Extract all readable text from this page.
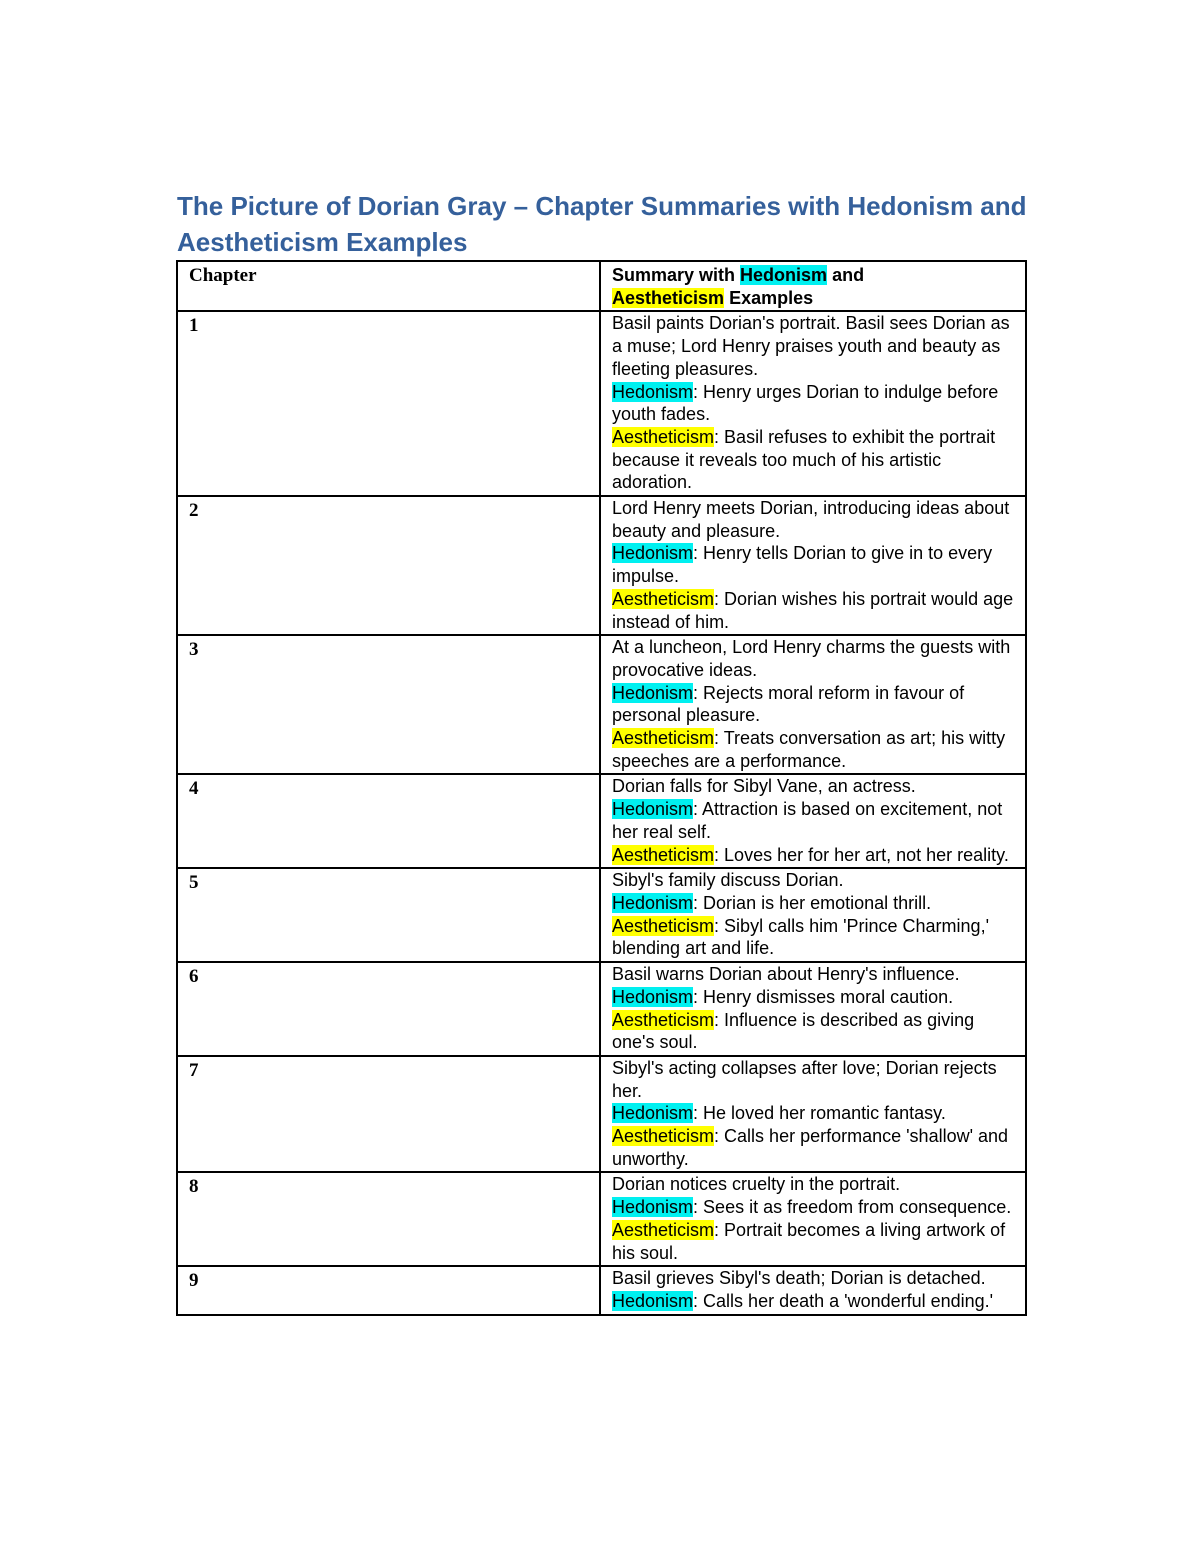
The Picture of Dorian Gray – Chapter Summaries with Hedonism and Aestheticism Examples
Chapter	Summary with Hedonism and
Aestheticism Examples
1	Basil paints Dorian's portrait. Basil sees Dorian as a muse; Lord Henry praises youth and beauty as fleeting pleasures.
Hedonism: Henry urges Dorian to indulge before youth fades.
Aestheticism: Basil refuses to exhibit the portrait because it reveals too much of his artistic adoration.

2	Lord Henry meets Dorian, introducing ideas about beauty and pleasure.
Hedonism: Henry tells Dorian to give in to every impulse.
Aestheticism: Dorian wishes his portrait would age instead of him.

3	At a luncheon, Lord Henry charms the guests with provocative ideas.
Hedonism: Rejects moral reform in favour of personal pleasure.
Aestheticism: Treats conversation as art; his witty speeches are a performance.

4	Dorian falls for Sibyl Vane, an actress.
Hedonism: Attraction is based on excitement, not her real self.
Aestheticism: Loves her for her art, not her reality.

5	Sibyl's family discuss Dorian.
Hedonism: Dorian is her emotional thrill.
Aestheticism: Sibyl calls him 'Prince Charming,' blending art and life.

6	Basil warns Dorian about Henry's influence.
Hedonism: Henry dismisses moral caution.
Aestheticism: Influence is described as giving one's soul.

7	Sibyl's acting collapses after love; Dorian rejects her.
Hedonism: He loved her romantic fantasy.
Aestheticism: Calls her performance 'shallow' and unworthy.

8	Dorian notices cruelty in the portrait.
Hedonism: Sees it as freedom from consequence.
Aestheticism: Portrait becomes a living artwork of his soul.

9	Basil grieves Sibyl's death; Dorian is detached.
Hedonism: Calls her death a 'wonderful ending.'
